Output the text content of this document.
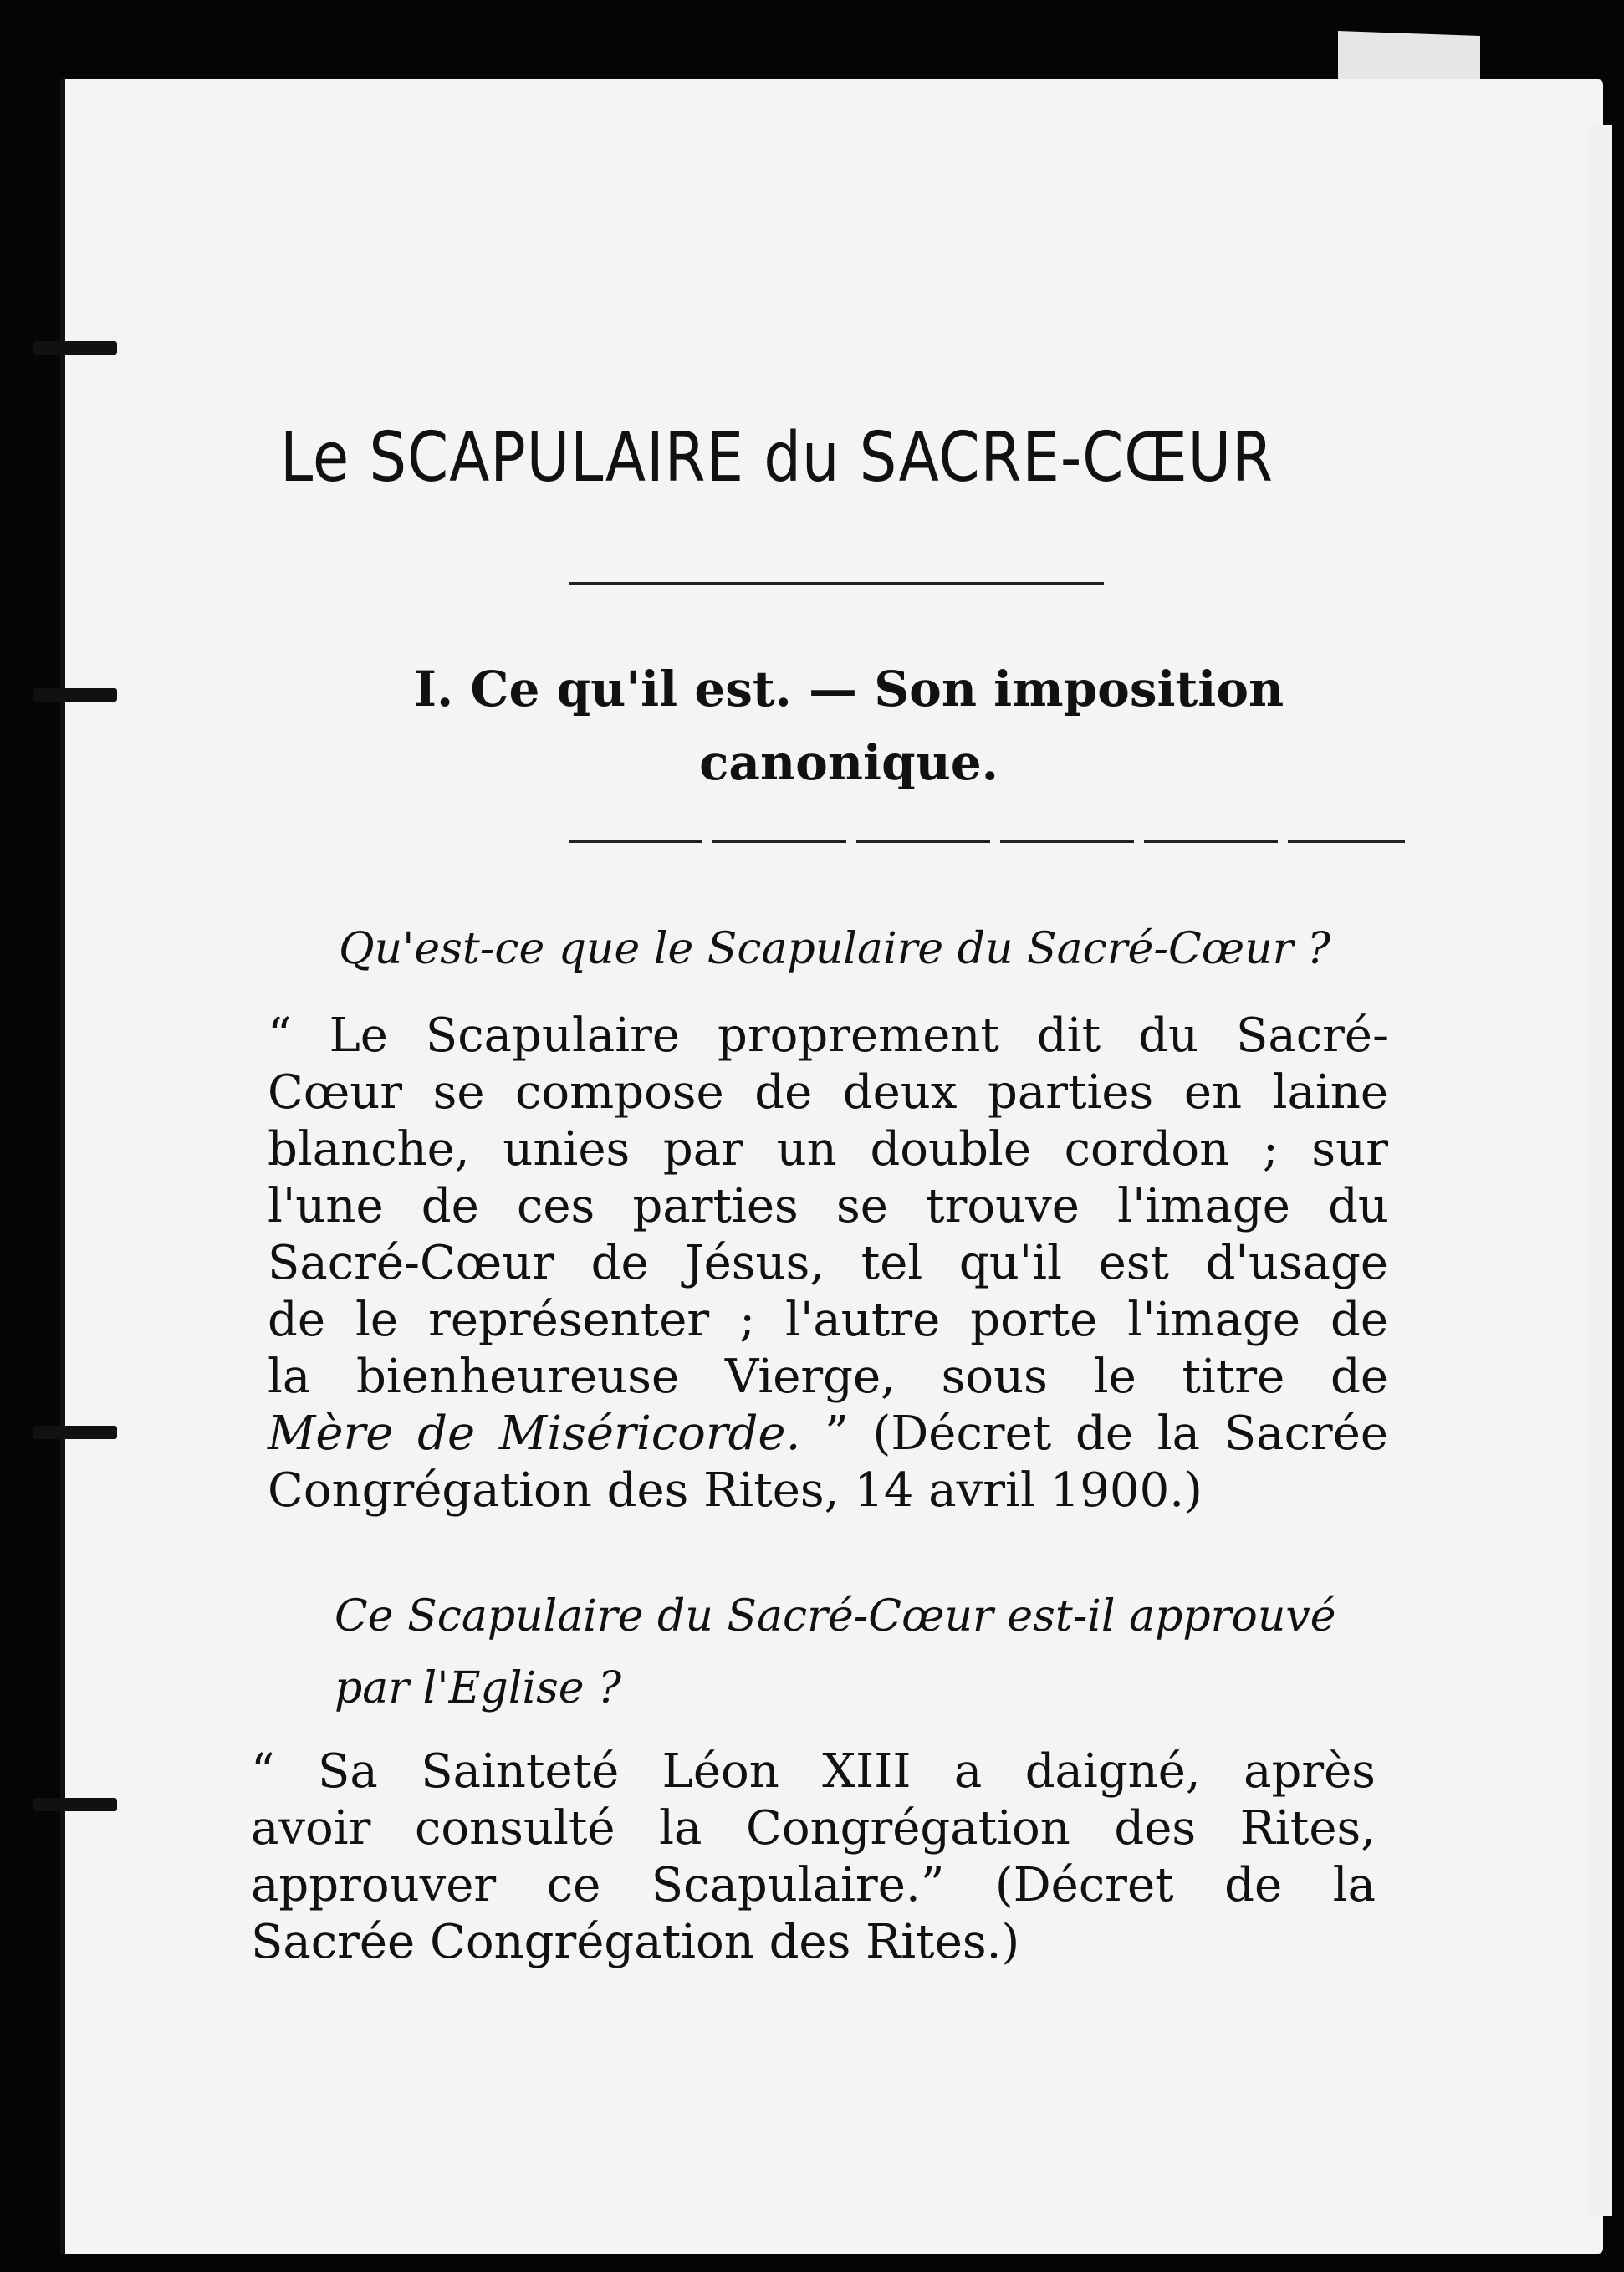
Le SCAPULAIRE du SACRE-CŒUR
I. Ce qu'il est. — Son imposition
canonique.
Qu'est-ce que le Scapulaire du Sacré-Cœur ?
“ Le Scapulaire proprement dit du Sacré-
Cœur se compose de deux parties en laine
blanche, unies par un double cordon ; sur
l'une de ces parties se trouve l'image du
Sacré-Cœur de Jésus, tel qu'il est d'usage
de le représenter ; l'autre porte l'image de
la bienheureuse Vierge, sous le titre de
Mère de Miséricorde. ” (Décret de la Sacrée
Congrégation des Rites, 14 avril 1900.)
Ce Scapulaire du Sacré-Cœur est-il approuvé par l'Eglise ?
“ Sa Sainteté Léon XIII a daigné, après
avoir consulté la Congrégation des Rites,
approuver ce Scapulaire.” (Décret de la
Sacrée Congrégation des Rites.)
